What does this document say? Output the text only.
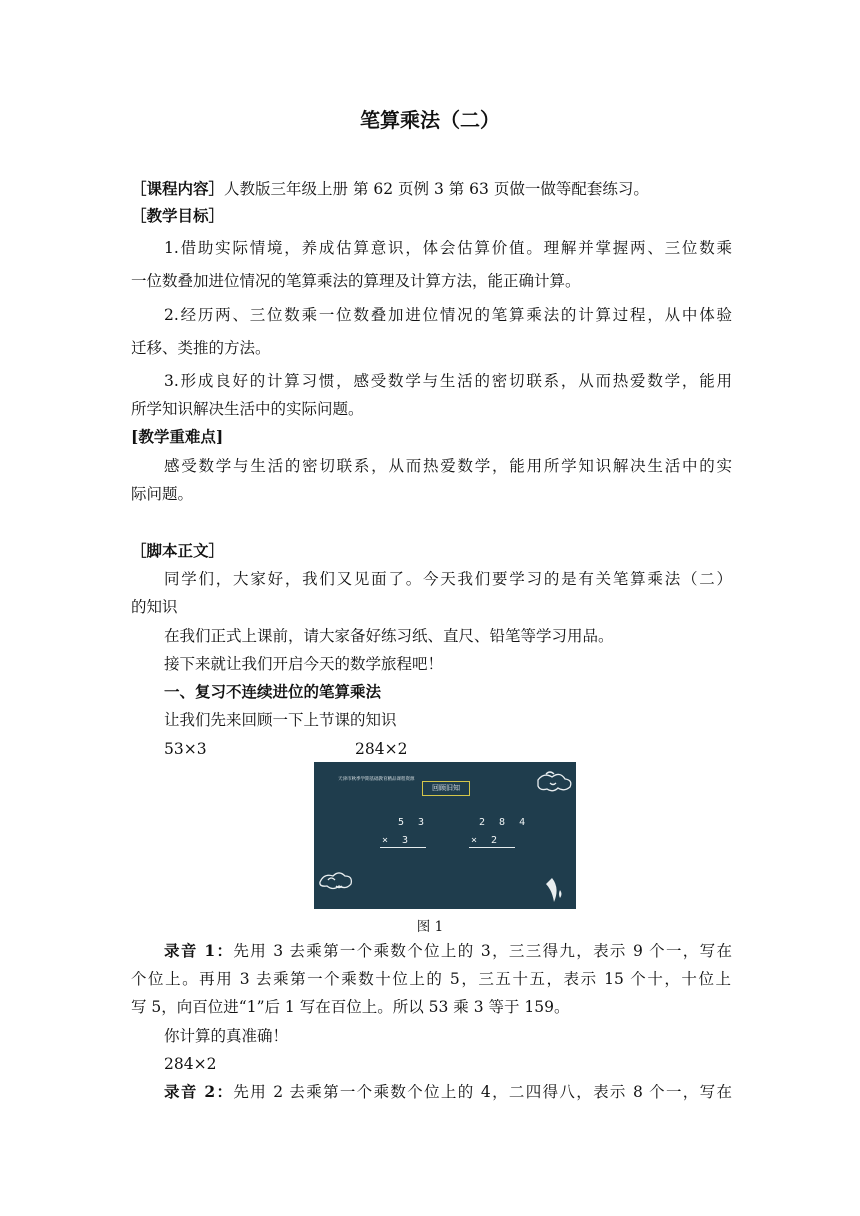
笔算乘法（二）
［课程内容］人教版三年级上册 第 62 页例 3 第 63 页做一做等配套练习。
［教学目标］
1.借助实际情境，养成估算意识，体会估算价值。理解并掌握两、三位数乘
一位数叠加进位情况的笔算乘法的算理及计算方法，能正确计算。
2.经历两、三位数乘一位数叠加进位情况的笔算乘法的计算过程，从中体验
迁移、类推的方法。
3.形成良好的计算习惯，感受数学与生活的密切联系，从而热爱数学，能用
所学知识解决生活中的实际问题。
[教学重难点]
感受数学与生活的密切联系，从而热爱数学，能用所学知识解决生活中的实
际问题。
［脚本正文］
同学们，大家好，我们又见面了。今天我们要学习的是有关笔算乘法（二）
的知识
在我们正式上课前，请大家备好练习纸、直尺、铅笔等学习用品。
接下来就让我们开启今天的数学旅程吧！
一、复习不连续进位的笔算乘法
让我们先来回顾一下上节课的知识
53×3	284×2
天津市秋季学期基础教育精品课程资源
回顾旧知
5 3
× 3
2 8 4
× 2
图 1
录音 1：先用 3 去乘第一个乘数个位上的 3，三三得九，表示 9 个一，写在
个位上。再用 3 去乘第一个乘数十位上的 5，三五十五，表示 15 个十，十位上
写 5，向百位进“1”后 1 写在百位上。所以 53 乘 3 等于 159。
你计算的真准确！
284×2
录音 2：先用 2 去乘第一个乘数个位上的 4，二四得八，表示 8 个一，写在
